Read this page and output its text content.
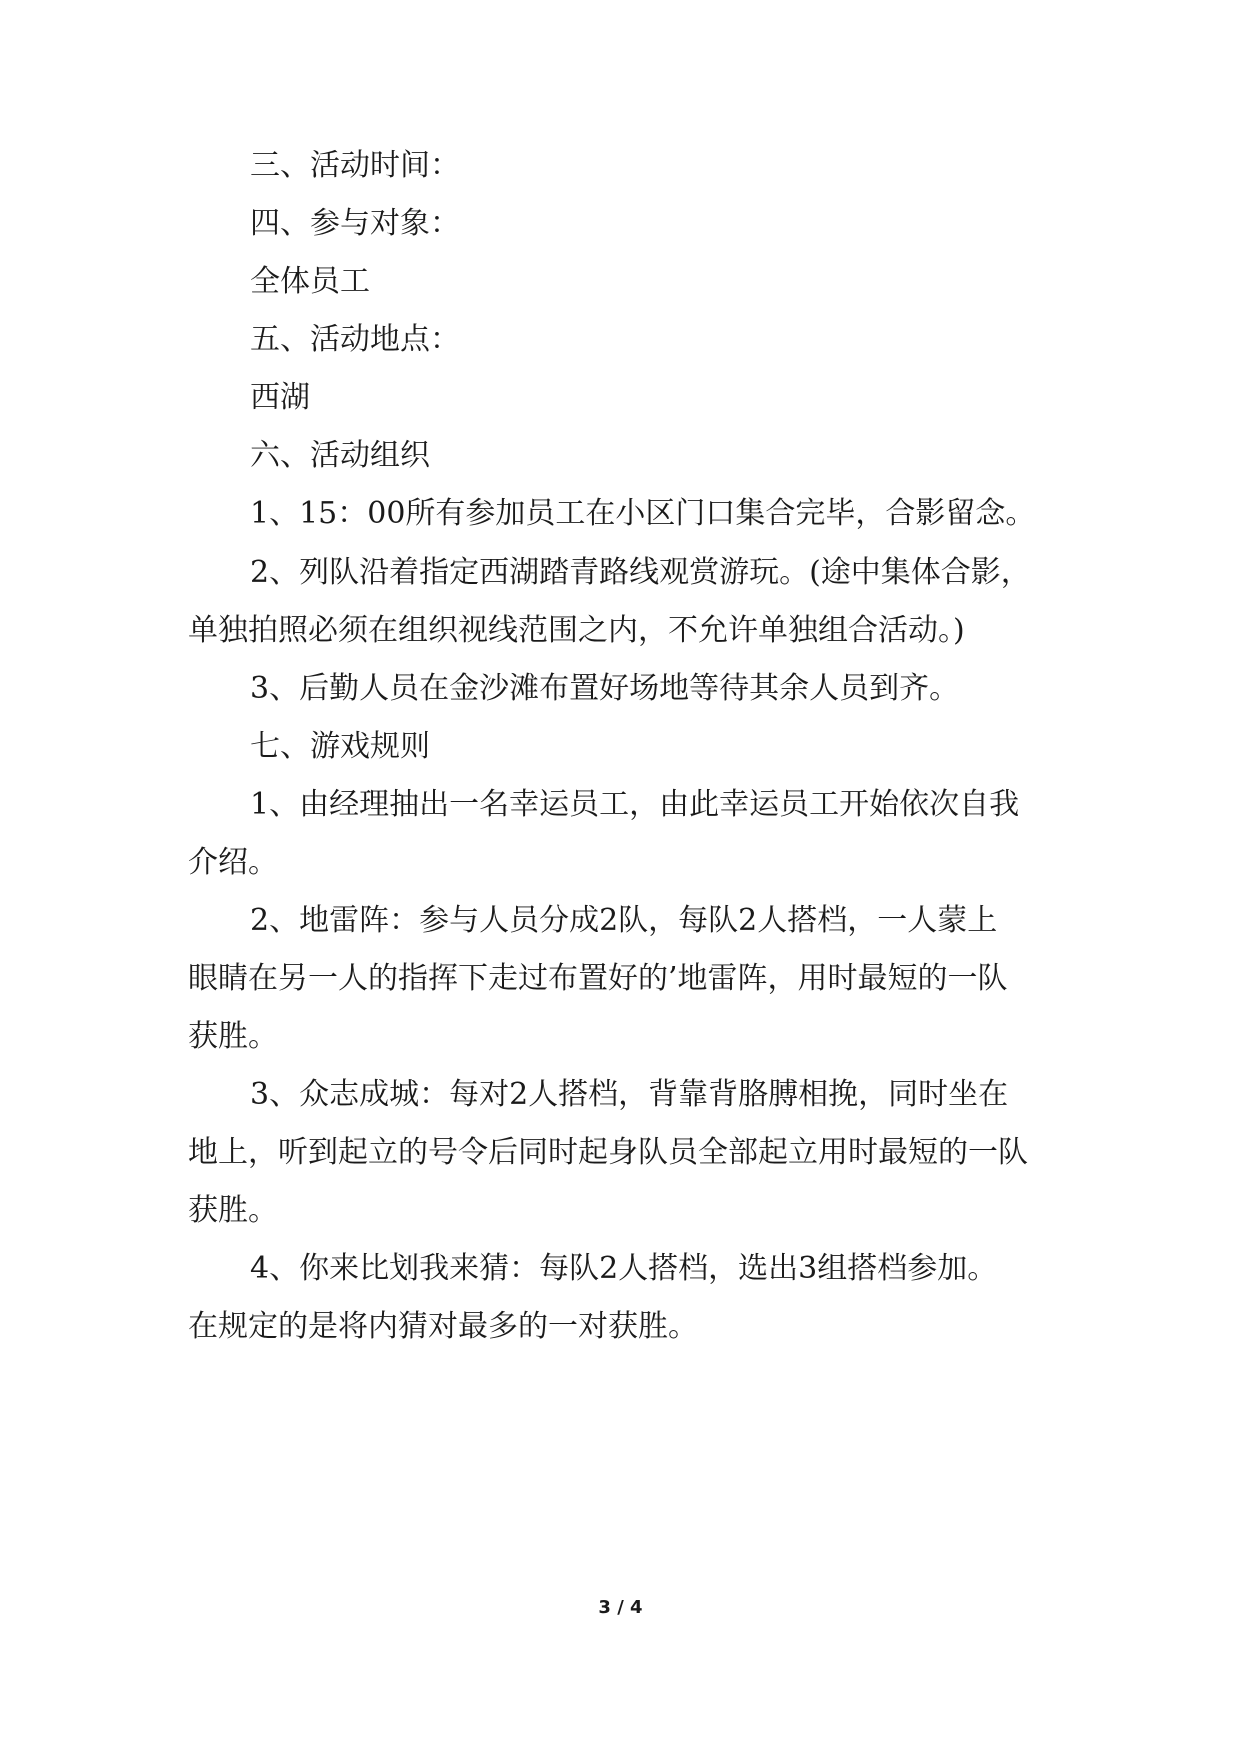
三、活动时间：
四、参与对象：
全体员工
五、活动地点：
西湖
六、活动组织
1、15：00所有参加员工在小区门口集合完毕，合影留念。
2、列队沿着指定西湖踏青路线观赏游玩。(途中集体合影，
单独拍照必须在组织视线范围之内，不允许单独组合活动。)
3、后勤人员在金沙滩布置好场地等待其余人员到齐。
七、游戏规则
1、由经理抽出一名幸运员工，由此幸运员工开始依次自我
介绍。
2、地雷阵：参与人员分成2队，每队2人搭档，一人蒙上
眼睛在另一人的指挥下走过布置好的’地雷阵，用时最短的一队
获胜。
3、众志成城：每对2人搭档，背靠背胳膊相挽，同时坐在
地上，听到起立的号令后同时起身队员全部起立用时最短的一队
获胜。
4、你来比划我来猜：每队2人搭档，选出3组搭档参加。
在规定的是将内猜对最多的一对获胜。
3 / 4
